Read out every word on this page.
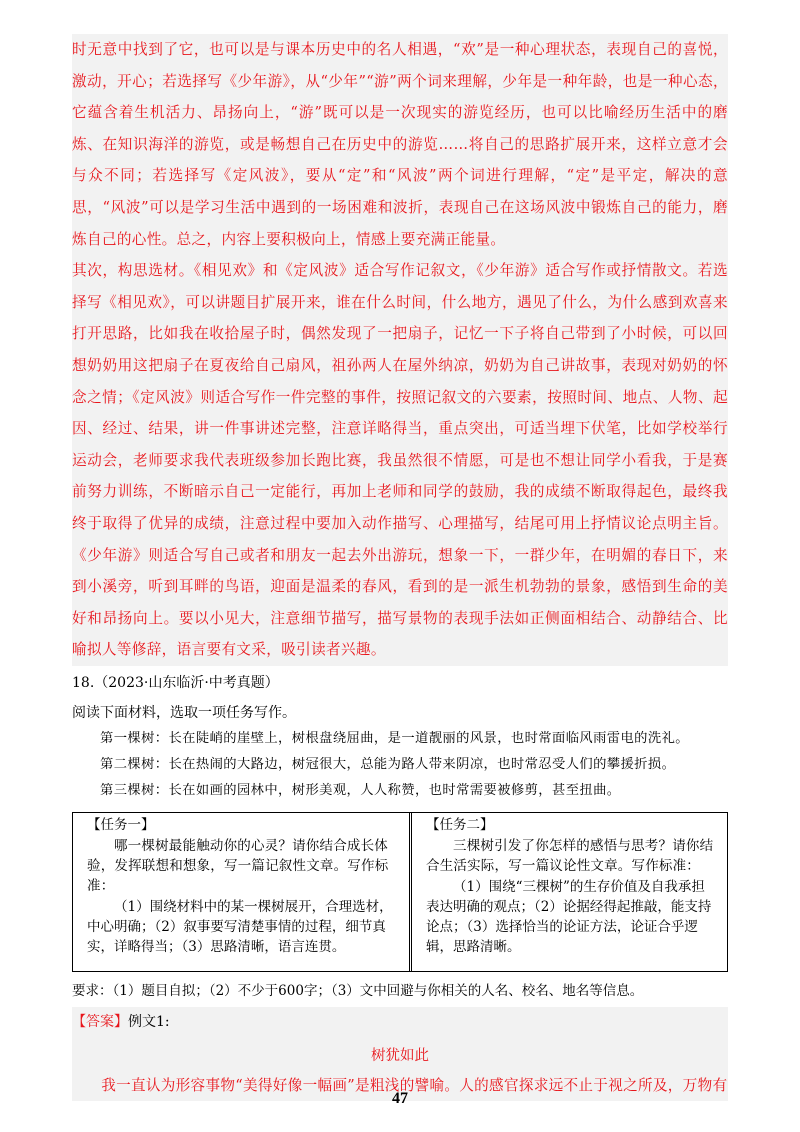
时无意中找到了它，也可以是与课本历史中的名人相遇，“欢”是一种心理状态，表现自己的喜悦，激动，开心；若选择写《少年游》，从“少年”“游”两个词来理解，少年是一种年龄，也是一种心态，它蕴含着生机活力、昂扬向上，“游”既可以是一次现实的游览经历，也可以比喻经历生活中的磨炼、在知识海洋的游览，或是畅想自己在历史中的游览……将自己的思路扩展开来，这样立意才会与众不同；若选择写《定风波》，要从“定”和“风波”两个词进行理解，“定”是平定，解决的意思，“风波”可以是学习生活中遇到的一场困难和波折，表现自己在这场风波中锻炼自己的能力，磨炼自己的心性。总之，内容上要积极向上，情感上要充满正能量。
其次，构思选材。《相见欢》和《定风波》适合写作记叙文，《少年游》适合写作或抒情散文。若选择写《相见欢》，可以讲题目扩展开来，谁在什么时间，什么地方，遇见了什么，为什么感到欢喜来打开思路，比如我在收拾屋子时，偶然发现了一把扇子，记忆一下子将自己带到了小时候，可以回想奶奶用这把扇子在夏夜给自己扇风，祖孙两人在屋外纳凉，奶奶为自己讲故事，表现对奶奶的怀念之情；《定风波》则适合写作一件完整的事件，按照记叙文的六要素，按照时间、地点、人物、起因、经过、结果，讲一件事讲述完整，注意详略得当，重点突出，可适当埋下伏笔，比如学校举行运动会，老师要求我代表班级参加长跑比赛，我虽然很不情愿，可是也不想让同学小看我，于是赛前努力训练，不断暗示自己一定能行，再加上老师和同学的鼓励，我的成绩不断取得起色，最终我终于取得了优异的成绩，注意过程中要加入动作描写、心理描写，结尾可用上抒情议论点明主旨。《少年游》则适合写自己或者和朋友一起去外出游玩，想象一下，一群少年，在明媚的春日下，来到小溪旁，听到耳畔的鸟语，迎面是温柔的春风，看到的是一派生机勃勃的景象，感悟到生命的美好和昂扬向上。要以小见大，注意细节描写，描写景物的表现手法如正侧面相结合、动静结合、比喻拟人等修辞，语言要有文采，吸引读者兴趣。
18.（2023·山东临沂·中考真题）
阅读下面材料，选取一项任务写作。
第一棵树：长在陡峭的崖壁上，树根盘绕屈曲，是一道靓丽的风景，也时常面临风雨雷电的洗礼。
第二棵树：长在热闹的大路边，树冠很大，总能为路人带来阴凉，也时常忍受人们的攀援折损。
第三棵树：长在如画的园林中，树形美观，人人称赞，也时常需要被修剪，甚至扭曲。
【任务一】
哪一棵树最能触动你的心灵？请你结合成长体验，发挥联想和想象，写一篇记叙性文章。写作标准：
（1）围绕材料中的某一棵树展开，合理选材，中心明确；（2）叙事要写清楚事情的过程，细节真实，详略得当；（3）思路清晰，语言连贯。

【任务二】
三棵树引发了你怎样的感悟与思考？请你结合生活实际，写一篇议论性文章。写作标准：
（1）围绕“三棵树”的生存价值及自我承担表达明确的观点；（2）论据经得起推敲，能支持论点；（3）选择恰当的论证方法，论证合乎逻辑，思路清晰。
要求：（1）题目自拟；（2）不少于600字；（3）文中回避与你相关的人名、校名、地名等信息。
【答案】例文1:
树犹如此
我一直认为形容事物“美得好像一幅画”是粗浅的譬喻。人的感官探求远不止于视之所及，万物有
47
